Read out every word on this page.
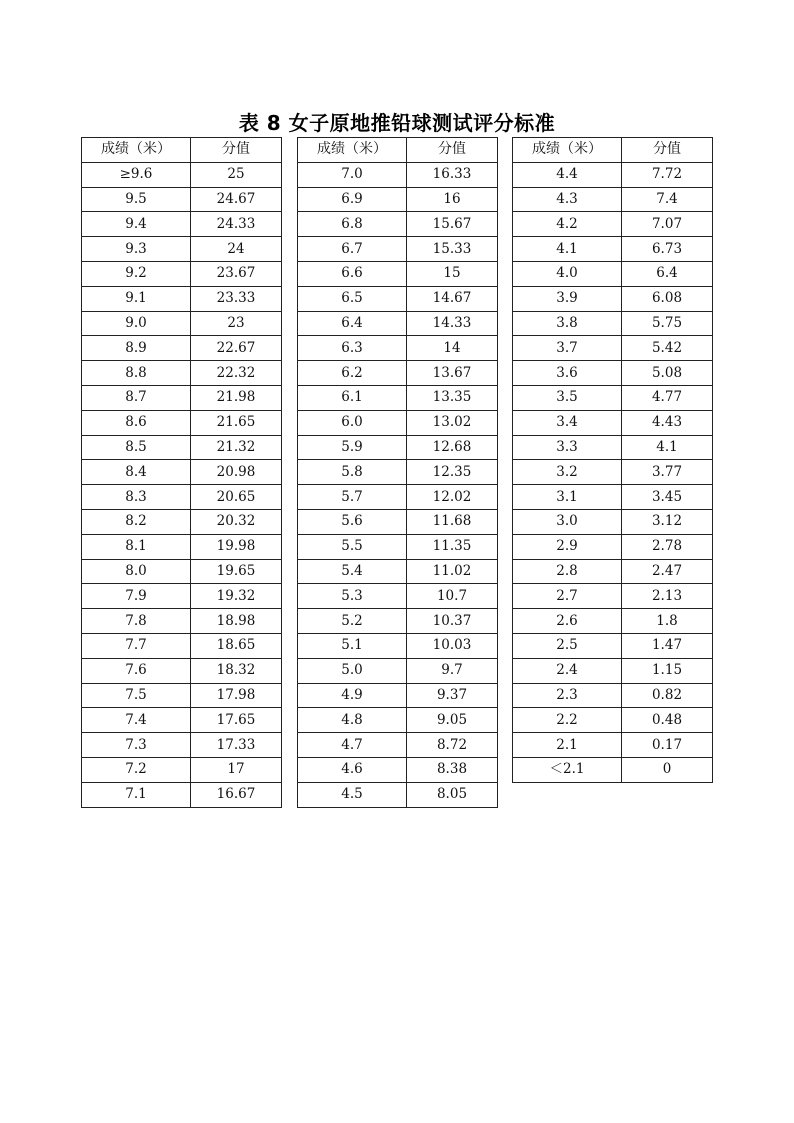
表 8 女子原地推铅球测试评分标准
成绩（米）	分值
≥9.6	25
9.5	24.67
9.4	24.33
9.3	24
9.2	23.67
9.1	23.33
9.0	23
8.9	22.67
8.8	22.32
8.7	21.98
8.6	21.65
8.5	21.32
8.4	20.98
8.3	20.65
8.2	20.32
8.1	19.98
8.0	19.65
7.9	19.32
7.8	18.98
7.7	18.65
7.6	18.32
7.5	17.98
7.4	17.65
7.3	17.33
7.2	17
7.1	16.67
成绩（米）	分值
7.0	16.33
6.9	16
6.8	15.67
6.7	15.33
6.6	15
6.5	14.67
6.4	14.33
6.3	14
6.2	13.67
6.1	13.35
6.0	13.02
5.9	12.68
5.8	12.35
5.7	12.02
5.6	11.68
5.5	11.35
5.4	11.02
5.3	10.7
5.2	10.37
5.1	10.03
5.0	9.7
4.9	9.37
4.8	9.05
4.7	8.72
4.6	8.38
4.5	8.05
成绩（米）	分值
4.4	7.72
4.3	7.4
4.2	7.07
4.1	6.73
4.0	6.4
3.9	6.08
3.8	5.75
3.7	5.42
3.6	5.08
3.5	4.77
3.4	4.43
3.3	4.1
3.2	3.77
3.1	3.45
3.0	3.12
2.9	2.78
2.8	2.47
2.7	2.13
2.6	1.8
2.5	1.47
2.4	1.15
2.3	0.82
2.2	0.48
2.1	0.17
＜2.1	0
